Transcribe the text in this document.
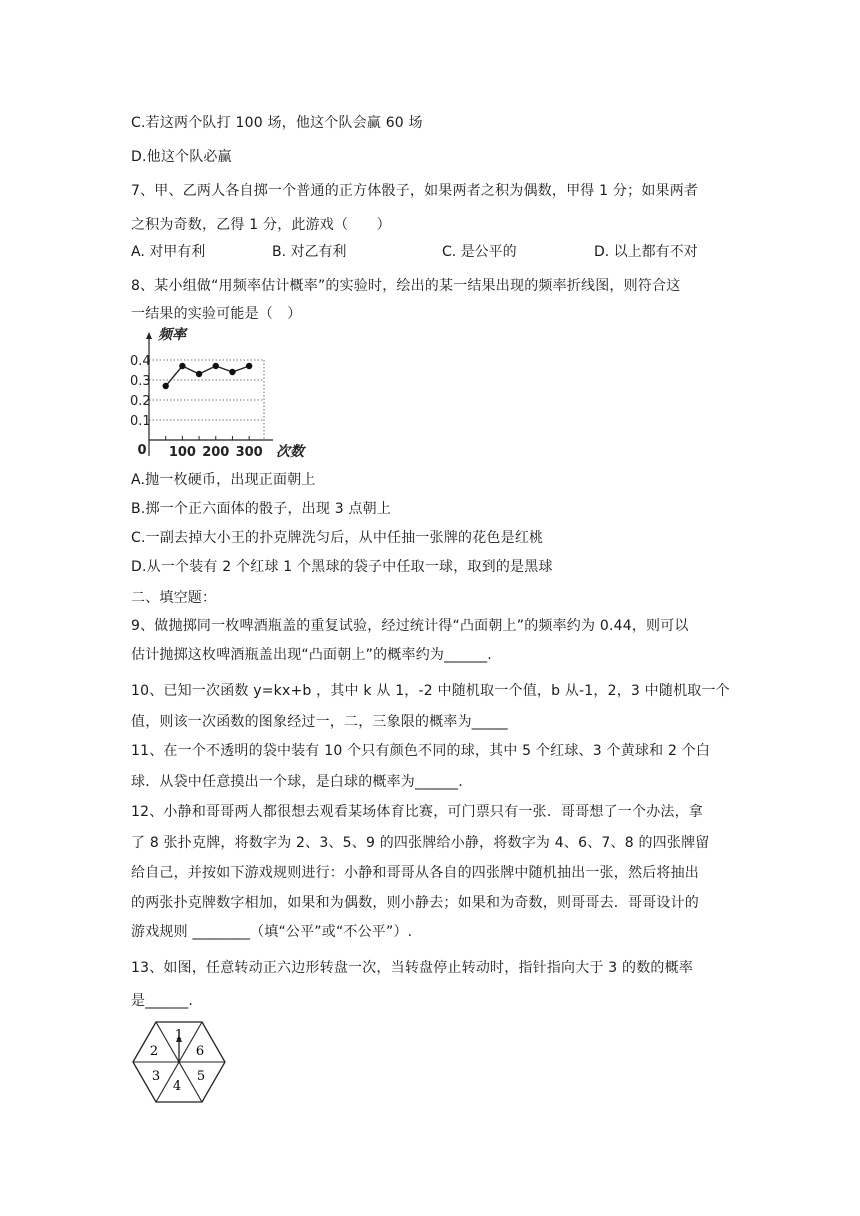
C.若这两个队打 100 场，他这个队会赢 60 场
D.他这个队必赢
7、甲、乙两人各自掷一个普通的正方体骰子，如果两者之积为偶数，甲得 1 分；如果两者
之积为奇数，乙得 1 分，此游戏（　　）
A. 对甲有利	B. 对乙有利	C. 是公平的	D. 以上都有不对
8、某小组做“用频率估计概率”的实验时，绘出的某一结果出现的频率折线图，则符合这
一结果的实验可能是（　）
频率
次数
0
0.1
0.2
0.3
0.4
100 200 300
A.抛一枚硬币，出现正面朝上
B.掷一个正六面体的骰子，出现 3 点朝上
C.一副去掉大小王的扑克牌洗匀后，从中任抽一张牌的花色是红桃
D.从一个装有 2 个红球 1 个黑球的袋子中任取一球，取到的是黑球
二、填空题：
9、做抛掷同一枚啤酒瓶盖的重复试验，经过统计得“凸面朝上”的频率约为 0.44，则可以
估计抛掷这枚啤酒瓶盖出现“凸面朝上”的概率约为______.
10、已知一次函数 y=kx+b ，其中 k 从 1，-2 中随机取一个值，b 从-1，2，3 中随机取一个
值，则该一次函数的图象经过一，二，三象限的概率为_____
11、在一个不透明的袋中装有 10 个只有颜色不同的球，其中 5 个红球、3 个黄球和 2 个白
球．从袋中任意摸出一个球，是白球的概率为______.
12、小静和哥哥两人都很想去观看某场体育比赛，可门票只有一张．哥哥想了一个办法，拿
了 8 张扑克牌，将数字为 2、3、5、9 的四张牌给小静，将数字为 4、6、7、8 的四张牌留
给自己，并按如下游戏规则进行：小静和哥哥从各自的四张牌中随机抽出一张，然后将抽出
的两张扑克牌数字相加，如果和为偶数，则小静去；如果和为奇数，则哥哥去．哥哥设计的
游戏规则 ________（填“公平”或“不公平”）.
13、如图，任意转动正六边形转盘一次，当转盘停止转动时，指针指向大于 3 的数的概率
是______.
1
2	6
3
4
5
